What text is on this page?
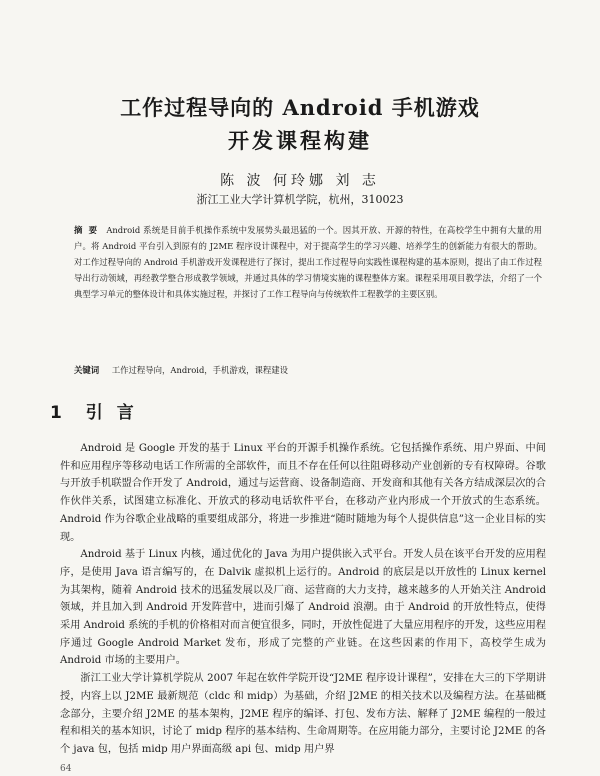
工作过程导向的 Android 手机游戏
开发课程构建
陈 波 何玲娜 刘 志
浙江工业大学计算机学院，杭州，310023
摘要 Android 系统是目前手机操作系统中发展势头最迅猛的一个。因其开放、开源的特性，在高校学生中拥有大量的用户。将 Android 平台引入到原有的 J2ME 程序设计课程中，对于提高学生的学习兴趣、培养学生的创新能力有很大的帮助。对工作过程导向的 Android 手机游戏开发课程进行了探讨，提出工作过程导向实践性课程构建的基本原则，提出了由工作过程导出行动领域，再经教学整合形成教学领域，并通过具体的学习情境实施的课程整体方案。课程采用项目教学法，介绍了一个典型学习单元的整体设计和具体实施过程，并探讨了工作工程导向与传统软件工程教学的主要区别。
关键词 工作过程导向，Android，手机游戏，课程建设
1 引言

Android 是 Google 开发的基于 Linux 平台的开源手机操作系统。它包括操作系统、用户界面、中间件和应用程序等移动电话工作所需的全部软件，而且不存在任何以往阻碍移动产业创新的专有权障碍。谷歌与开放手机联盟合作开发了 Android，通过与运营商、设备制造商、开发商和其他有关各方结成深层次的合作伙伴关系，试图建立标准化、开放式的移动电话软件平台，在移动产业内形成一个开放式的生态系统。Android 作为谷歌企业战略的重要组成部分，将进一步推进“随时随地为每个人提供信息”这一企业目标的实现。

Android 基于 Linux 内核，通过优化的 Java 为用户提供嵌入式平台。开发人员在该平台开发的应用程序，是使用 Java 语言编写的，在 Dalvik 虚拟机上运行的。Android 的底层是以开放性的 Linux kernel 为其架构，随着 Android 技术的迅猛发展以及厂商、运营商的大力支持，越来越多的人开始关注 Android 领域，并且加入到 Android 开发阵营中，进而引爆了 Android 浪潮。由于 Android 的开放性特点，使得采用 Android 系统的手机的价格相对而言便宜很多，同时，开放性促进了大量应用程序的开发，这些应用程序通过 Google Android Market 发布，形成了完整的产业链。在这些因素的作用下，高校学生成为 Android 市场的主要用户。

浙江工业大学计算机学院从 2007 年起在软件学院开设“J2ME 程序设计课程”，安排在大三的下学期讲授，内容上以 J2ME 最新规范（cldc 和 midp）为基础，介绍 J2ME 的相关技术以及编程方法。在基础概念部分，主要介绍 J2ME 的基本架构，J2ME 程序的编译、打包、发布方法、解释了 J2ME 编程的一般过程和相关的基本知识，讨论了 midp 程序的基本结构、生命周期等。在应用能力部分，主要讨论 J2ME 的各个 java 包，包括 midp 用户界面高级 api 包、midp 用户界

64
